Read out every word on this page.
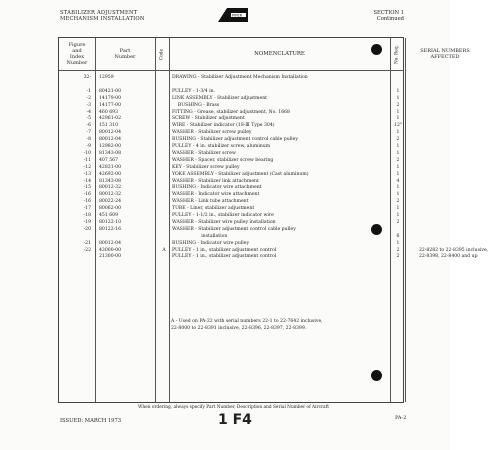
STABILIZER ADJUSTMENT
MECHANISM INSTALLATION
PIPER	SECTION 1
Continued
Figure
and
Index
Number
Part
Number	Code	NOMENCLATURE	No. Req.	SERIAL NUMBERS
AFFECTED
32- 12959	DRAWING - Stabilizer Adjustment Mechanism Installation
-1 80421-00	PULLEY - 1-3/4 in.	1
-2 14179-00	LINK ASSEMBLY - Stabilizer adjustment	1
-3 14177-00	BUSHING - Brass	2
-4 460 693	FITTING - Grease, stabilizer adjustment, No. 1668	1
-5 42961-02	SCREW - Stabilizer adjustment	1
-6 151 310	WIRE - Stabilizer indicator (18-Ⅲ Type 304)	12"
-7 80012-04	WASHER - Stabilizer screw pulley	1
-8 80012-04	BUSHING - Stabilizer adjustment control cable pulley	2
-9 12982-00	PULLEY - 4 in. stabilizer screw, aluminum	1
-10 81343-08	WASHER - Stabilizer screw	1
-11 407 567	WASHER - Spacer, stabilizer screw bearing	2
-12 42831-00	KEY - Stabilizer screw pulley	1
-13 42692-00	YOKE ASSEMBLY - Stabilizer adjustment (Cast aluminum)	1
-14 81343-08	WASHER - Stabilizer link attachment	4
-15 80012-32	BUSHING - Indicator wire attachment	1
-16 80012-32	WASHER - Indicator wire attachment	1
-16 80022-24	WASHER - Link tube attachment	2
-17 80062-00	TUBE - Liner, stabilizer adjustment	1
-18 451 609	PULLEY - 1-1/2 in., stabilizer indicator wire	1
-19 80122-10	WASHER - Stabilizer wire pulley installation	2
-20 80122-16	WASHER - Stabilizer adjustment control cable pulley
installation	6
-21 80012-04	BUSHING - Indicator wire pulley	1
-22 43000-00	A	PULLEY - 1 in., stabilizer adjustment control	2	22-8282 to 22-8395 inclusive,
21300-00	PULLEY - 1 in., stabilizer adjustment control	2	22-8398, 22-8400 and up
A - Used on PA-22 with serial numbers 22-1 to 22-7642 inclusive, 22-8000 to 22-8391 inclusive, 22-8396, 22-8397, 22-8399.
When ordering, always specify Part Number, Description and Serial Number of Aircraft
ISSUED: MARCH 1973	1 F4	PA-2
